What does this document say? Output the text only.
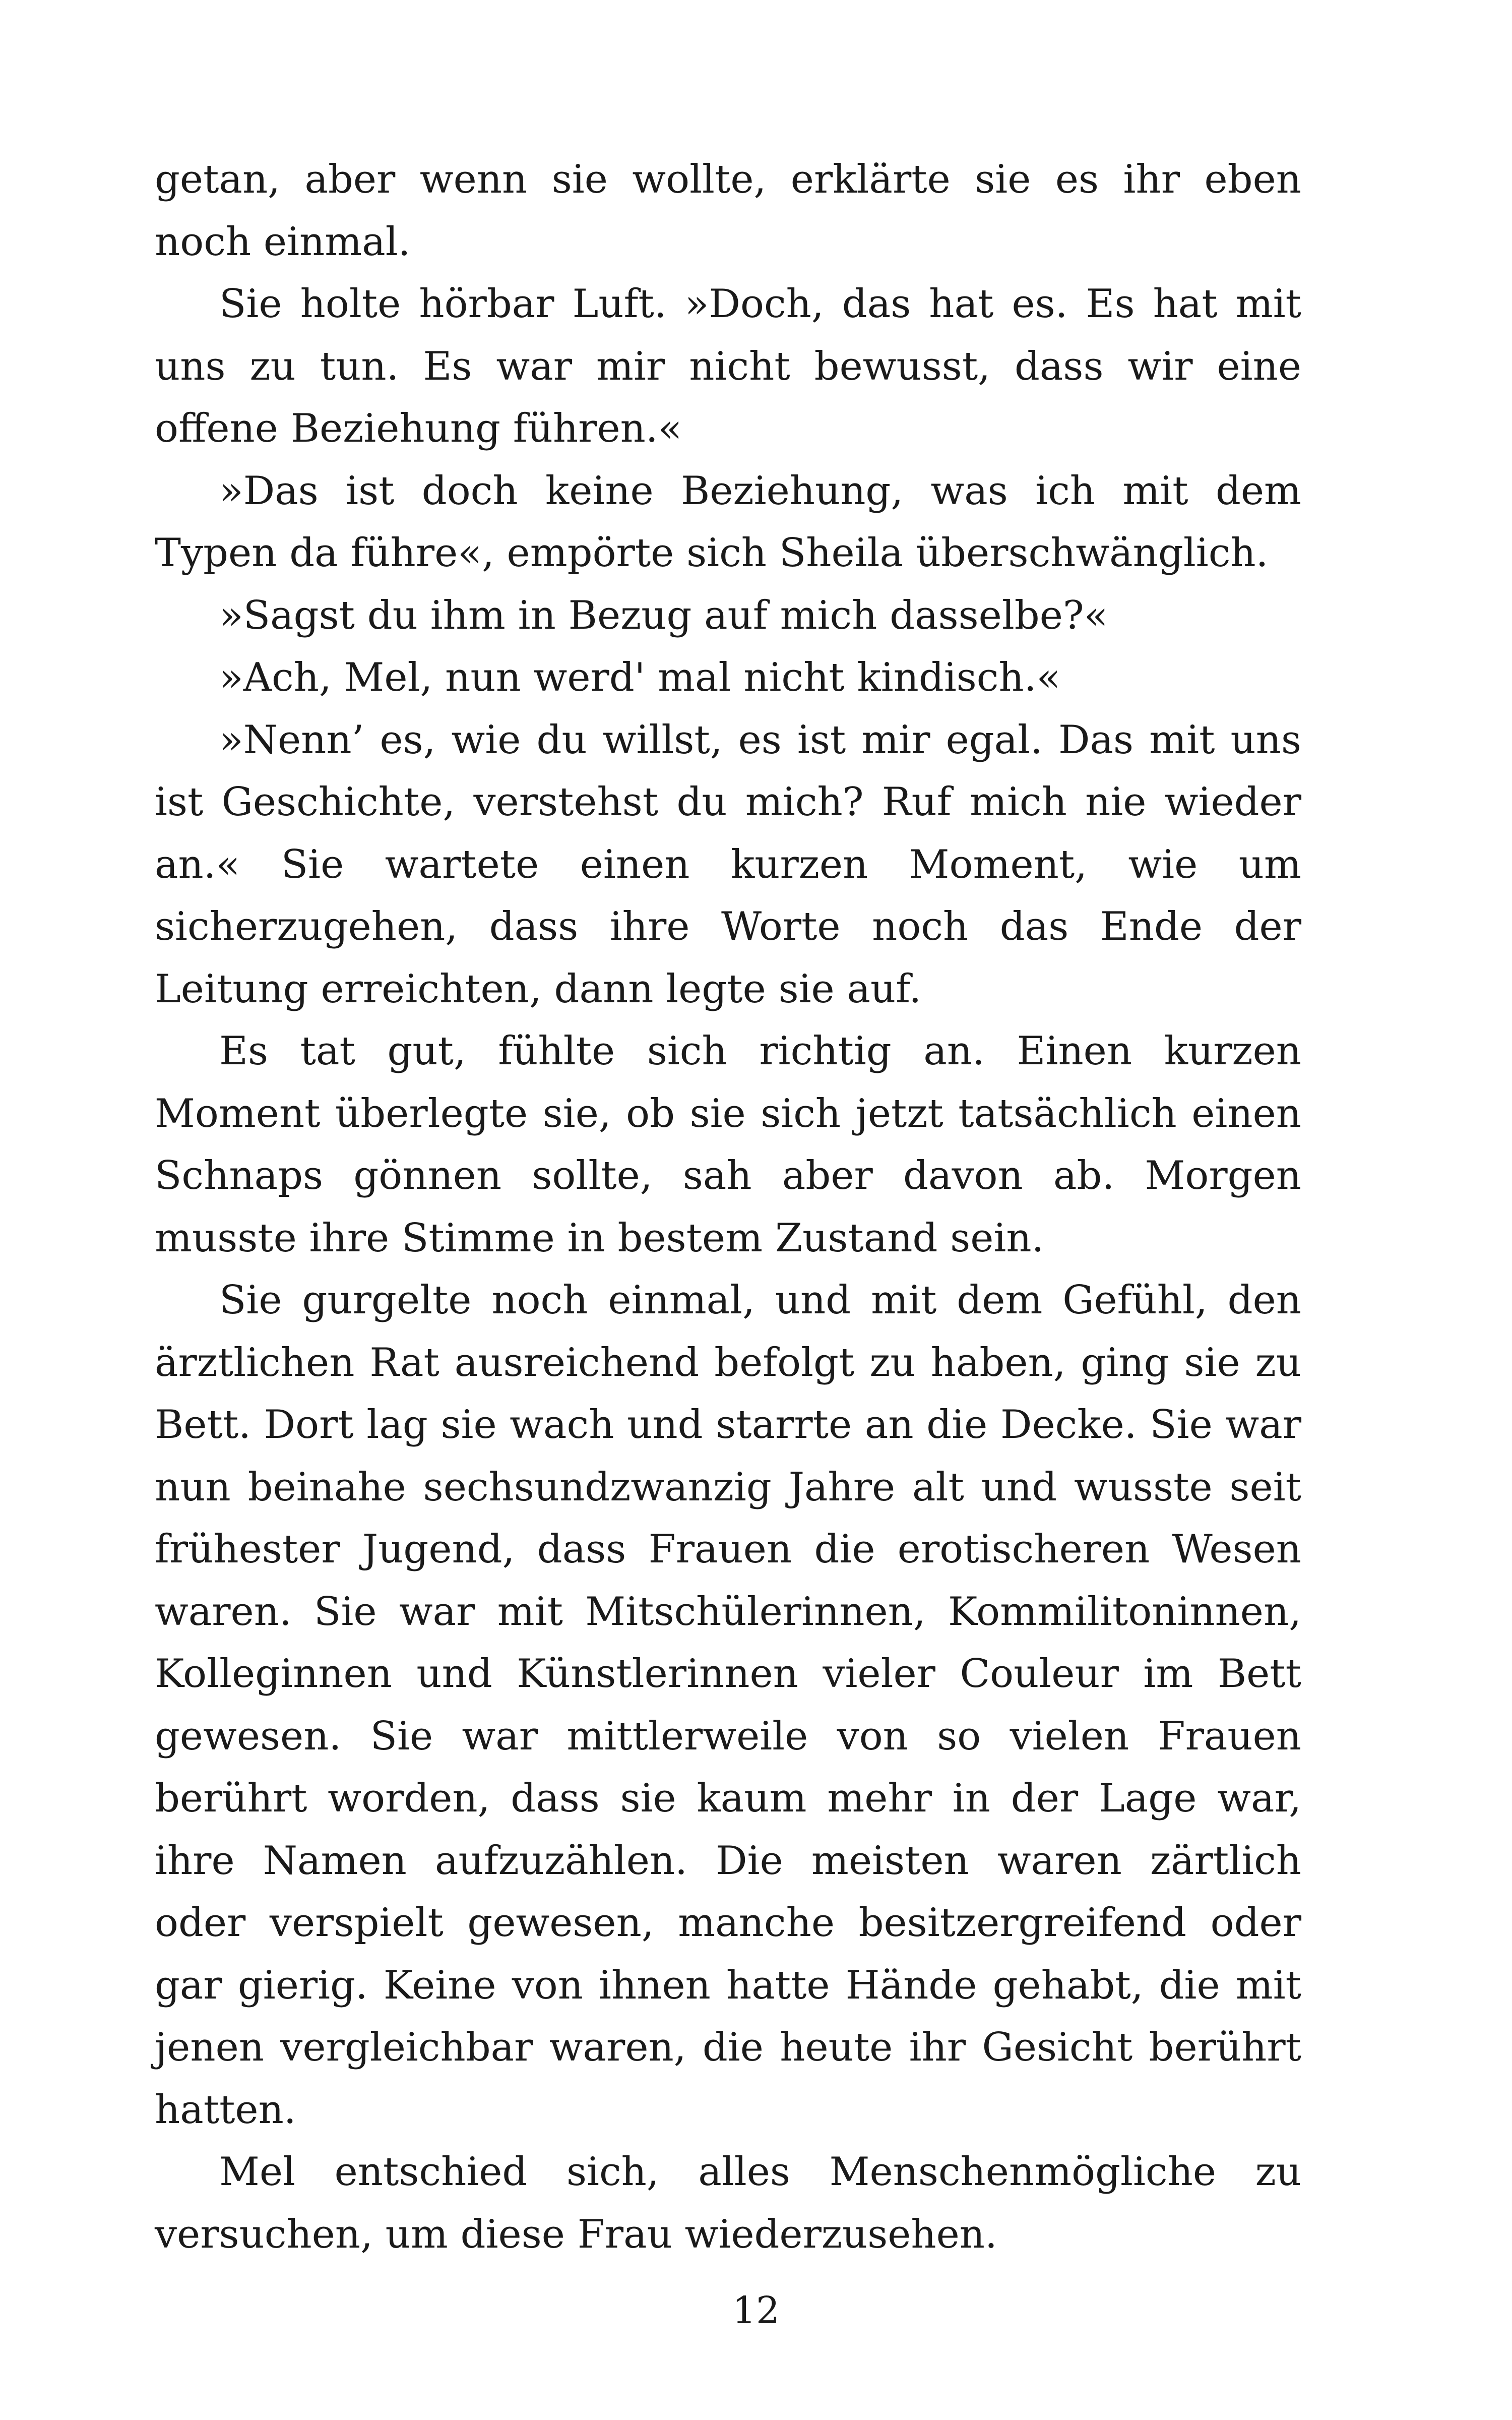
getan, aber wenn sie wollte, erklärte sie es ihr eben noch einmal.

Sie holte hörbar Luft. »Doch, das hat es. Es hat mit uns zu tun. Es war mir nicht bewusst, dass wir eine offene Beziehung führen.«

»Das ist doch keine Beziehung, was ich mit dem Typen da führe«, empörte sich Sheila überschwänglich.

»Sagst du ihm in Bezug auf mich dasselbe?«

»Ach, Mel, nun werd' mal nicht kindisch.«

»Nenn’ es, wie du willst, es ist mir egal. Das mit uns ist Geschichte, verstehst du mich? Ruf mich nie wieder an.« Sie wartete einen kurzen Moment, wie um sicherzugehen, dass ihre Worte noch das Ende der Leitung erreichten, dann legte sie auf.

Es tat gut, fühlte sich richtig an. Einen kurzen Moment überlegte sie, ob sie sich jetzt tatsächlich einen Schnaps gönnen sollte, sah aber davon ab. Morgen musste ihre Stimme in bestem Zustand sein.

Sie gurgelte noch einmal, und mit dem Gefühl, den ärztlichen Rat ausreichend befolgt zu haben, ging sie zu Bett. Dort lag sie wach und starrte an die Decke. Sie war nun beinahe sechsundzwanzig Jahre alt und wusste seit frühester Jugend, dass Frauen die erotischeren Wesen waren. Sie war mit Mitschülerinnen, Kommilitoninnen, Kolleginnen und Künstlerinnen vieler Couleur im Bett gewesen. Sie war mittlerweile von so vielen Frauen berührt worden, dass sie kaum mehr in der Lage war, ihre Namen aufzuzählen. Die meisten waren zärtlich oder verspielt gewesen, manche besitzergreifend oder gar gierig. Keine von ihnen hatte Hände gehabt, die mit jenen vergleichbar waren, die heute ihr Gesicht berührt hatten.

Mel entschied sich, alles Menschenmögliche zu versuchen, um diese Frau wiederzusehen.

12
